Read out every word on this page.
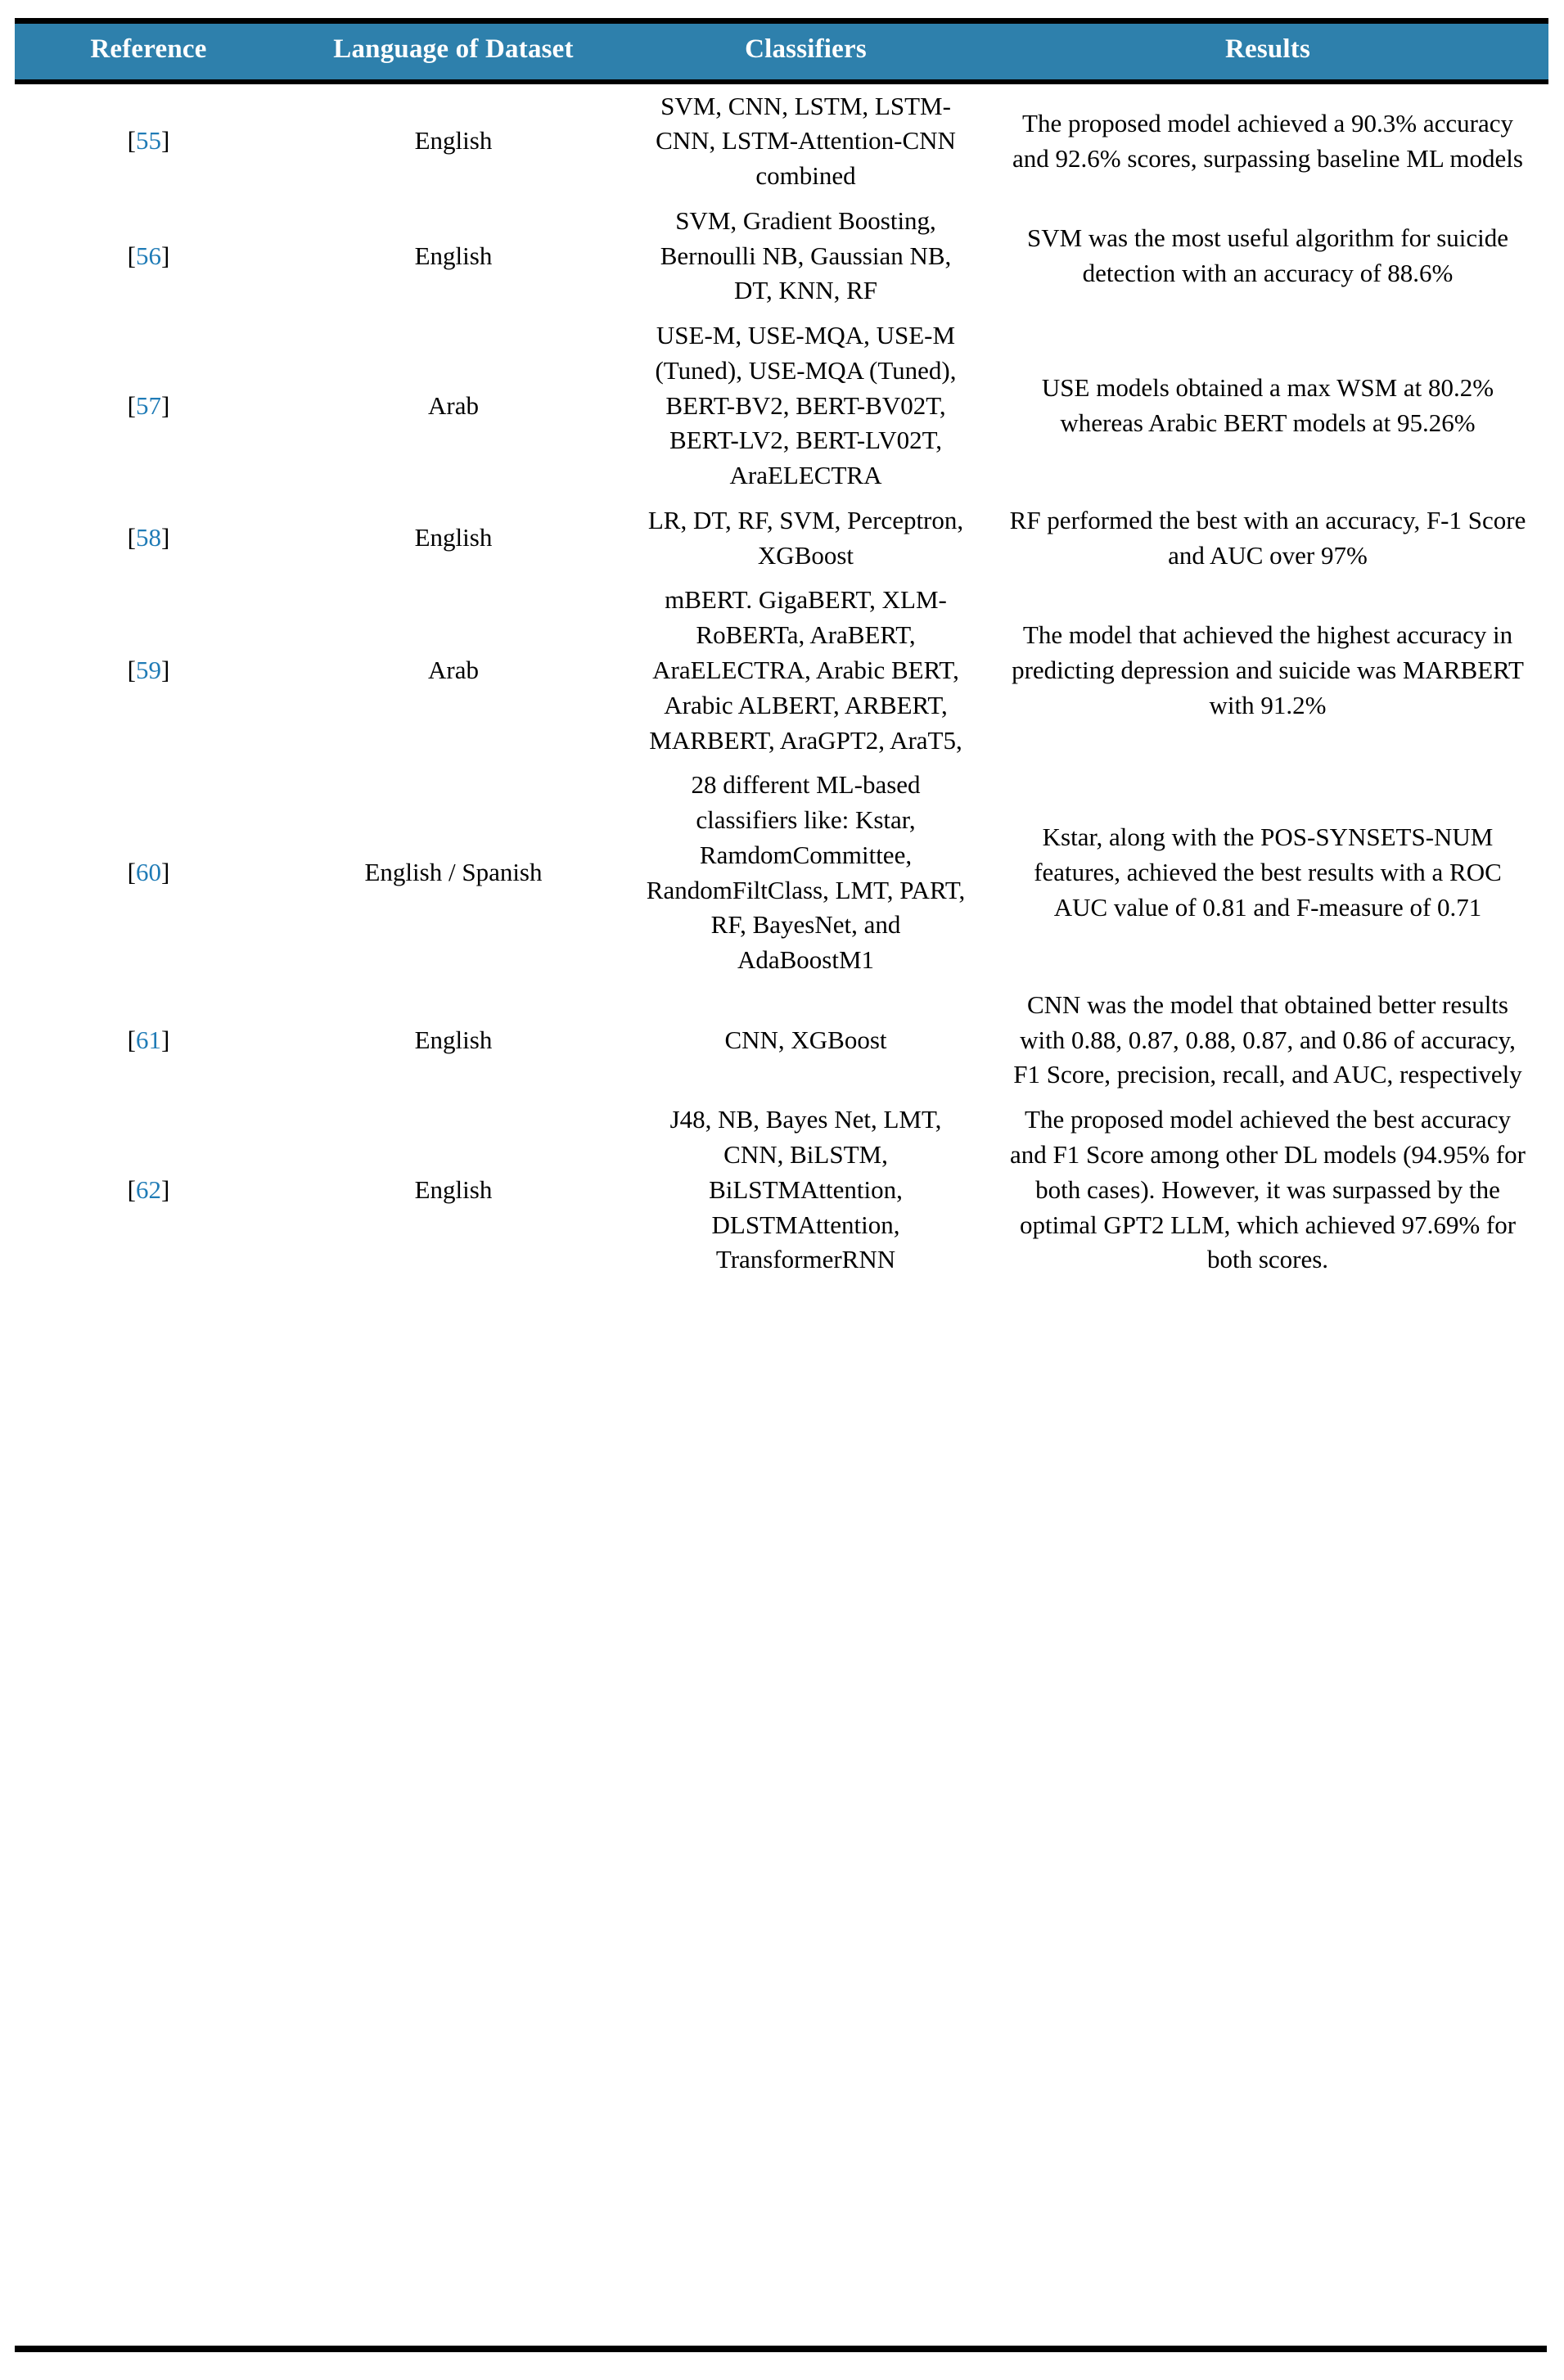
Reference	Language of Dataset	Classifiers	Results
[55]	English	SVM, CNN, LSTM, LSTM-CNN, LSTM-Attention-CNN combined	The proposed model achieved a 90.3% accuracy and 92.6% scores, surpassing baseline ML models
[56]	English	SVM, Gradient Boosting, Bernoulli NB, Gaussian NB, DT, KNN, RF	SVM was the most useful algorithm for suicide detection with an accuracy of 88.6%
[57]	Arab	USE-M, USE-MQA, USE-M (Tuned), USE-MQA (Tuned), BERT-BV2, BERT-BV02T, BERT-LV2, BERT-LV02T, AraELECTRA	USE models obtained a max WSM at 80.2% whereas Arabic BERT models at 95.26%
[58]	English	LR, DT, RF, SVM, Perceptron, XGBoost	RF performed the best with an accuracy, F-1 Score and AUC over 97%
[59]	Arab	mBERT. GigaBERT, XLM-RoBERTa, AraBERT, AraELECTRA, Arabic BERT, Arabic ALBERT, ARBERT, MARBERT, AraGPT2, AraT5,	The model that achieved the highest accuracy in predicting depression and suicide was MARBERT with 91.2%
[60]	English / Spanish	28 different ML-based classifiers like: Kstar, RamdomCommittee, RandomFiltClass, LMT, PART, RF, BayesNet, and AdaBoostM1	Kstar, along with the POS-SYNSETS-NUM features, achieved the best results with a ROC AUC value of 0.81 and F-measure of 0.71
[61]	English	CNN, XGBoost	CNN was the model that obtained better results with 0.88, 0.87, 0.88, 0.87, and 0.86 of accuracy, F1 Score, precision, recall, and AUC, respectively
[62]	English	J48, NB, Bayes Net, LMT, CNN, BiLSTM, BiLSTMAttention, DLSTMAttention, TransformerRNN	The proposed model achieved the best accuracy and F1 Score among other DL models (94.95% for both cases). However, it was surpassed by the optimal GPT2 LLM, which achieved 97.69% for both scores.
